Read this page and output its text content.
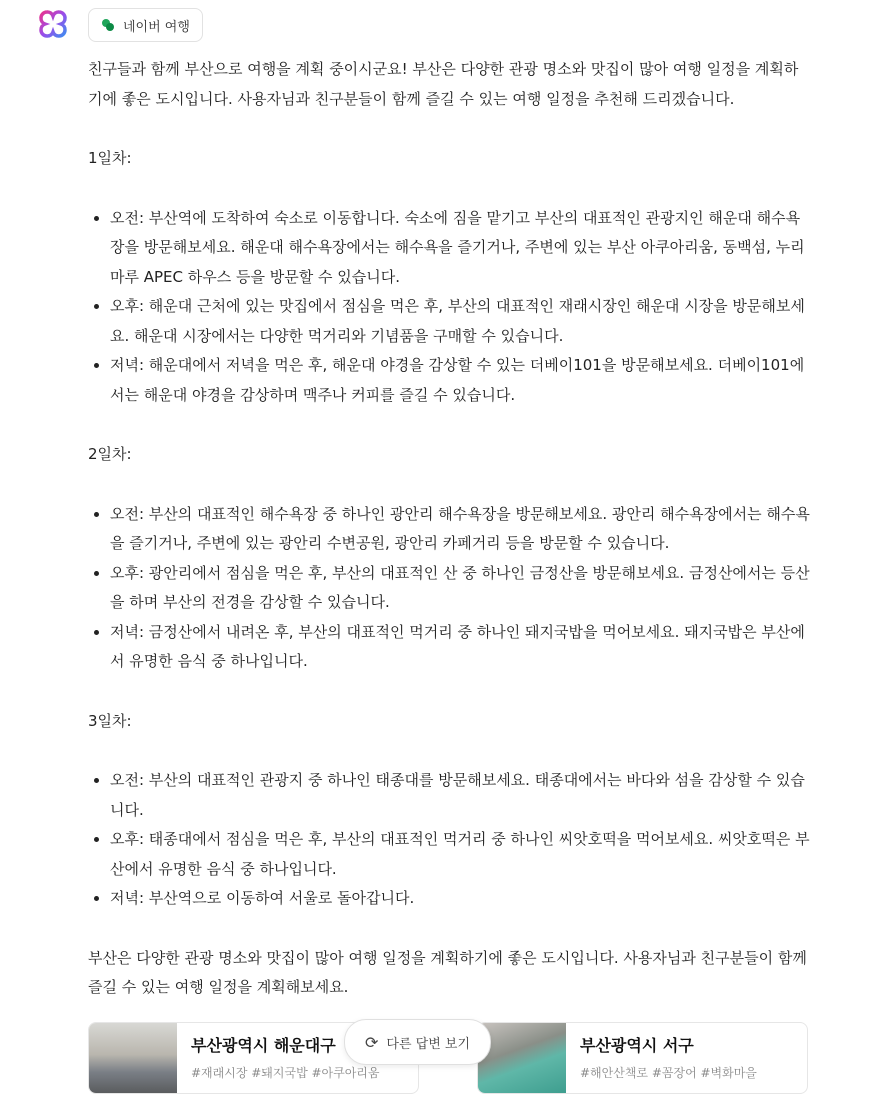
네이버 여행

친구들과 함께 부산으로 여행을 계획 중이시군요! 부산은 다양한 관광 명소와 맛집이 많아 여행 일정을 계획하기에 좋은 도시입니다. 사용자님과 친구분들이 함께 즐길 수 있는 여행 일정을 추천해 드리겠습니다.

1일차:

• 오전: 부산역에 도착하여 숙소로 이동합니다. 숙소에 짐을 맡기고 부산의 대표적인 관광지인 해운대 해수욕장을 방문해보세요. 해운대 해수욕장에서는 해수욕을 즐기거나, 주변에 있는 부산 아쿠아리움, 동백섬, 누리마루 APEC 하우스 등을 방문할 수 있습니다.
• 오후: 해운대 근처에 있는 맛집에서 점심을 먹은 후, 부산의 대표적인 재래시장인 해운대 시장을 방문해보세요. 해운대 시장에서는 다양한 먹거리와 기념품을 구매할 수 있습니다.
• 저녁: 해운대에서 저녁을 먹은 후, 해운대 야경을 감상할 수 있는 더베이101을 방문해보세요. 더베이101에서는 해운대 야경을 감상하며 맥주나 커피를 즐길 수 있습니다.

2일차:

• 오전: 부산의 대표적인 해수욕장 중 하나인 광안리 해수욕장을 방문해보세요. 광안리 해수욕장에서는 해수욕을 즐기거나, 주변에 있는 광안리 수변공원, 광안리 카페거리 등을 방문할 수 있습니다.
• 오후: 광안리에서 점심을 먹은 후, 부산의 대표적인 산 중 하나인 금정산을 방문해보세요. 금정산에서는 등산을 하며 부산의 전경을 감상할 수 있습니다.
• 저녁: 금정산에서 내려온 후, 부산의 대표적인 먹거리 중 하나인 돼지국밥을 먹어보세요. 돼지국밥은 부산에서 유명한 음식 중 하나입니다.

3일차:

• 오전: 부산의 대표적인 관광지 중 하나인 태종대를 방문해보세요. 태종대에서는 바다와 섬을 감상할 수 있습니다.
• 오후: 태종대에서 점심을 먹은 후, 부산의 대표적인 먹거리 중 하나인 씨앗호떡을 먹어보세요. 씨앗호떡은 부산에서 유명한 음식 중 하나입니다.
• 저녁: 부산역으로 이동하여 서울로 돌아갑니다.

부산은 다양한 관광 명소와 맛집이 많아 여행 일정을 계획하기에 좋은 도시입니다. 사용자님과 친구분들이 함께 즐길 수 있는 여행 일정을 계획해보세요.

부산광역시 해운대구
#재래시장 #돼지국밥 #아쿠아리움
부산광역시 서구
#해안산책로 #꼼장어 #벽화마을
⟳ 다른 답변 보기
